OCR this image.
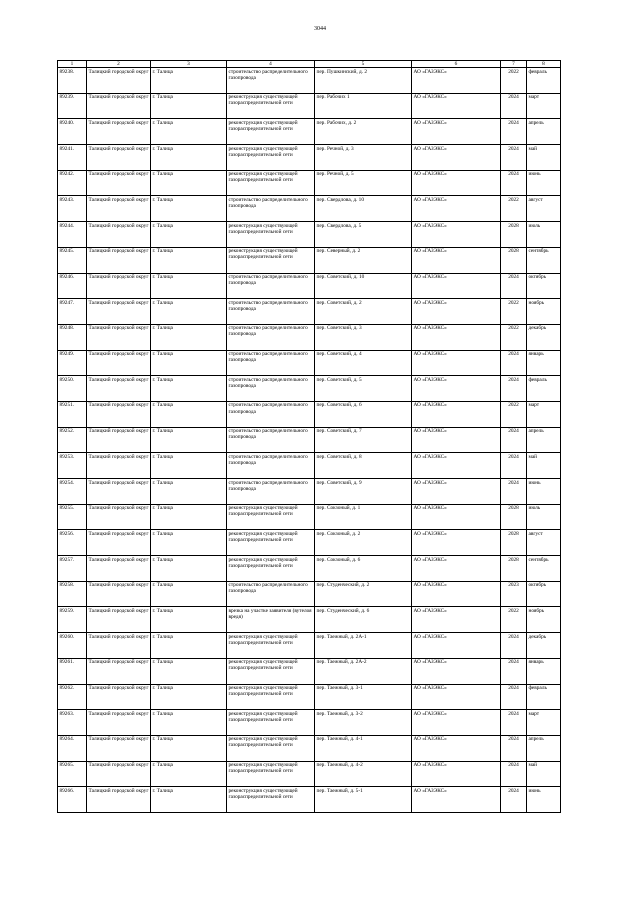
3044
1	2	3	4	5	6	7	8
89238.	Талицкий городской округ	г. Талица	строительство распределительного газопровода	пер. Пушкинский, д. 2	АО «ГАЗЭКС»	2022	февраль
89239.	Талицкий городской округ	г. Талица	реконструкция существующей газораспределительной сети	пер. Рабочих 1	АО «ГАЗЭКС»	2024	март
89240.	Талицкий городской округ	г. Талица	реконструкция существующей газораспределительной сети	пер. Рабочих, д. 2	АО «ГАЗЭКС»	2024	апрель
89241.	Талицкий городской округ	г. Талица	реконструкция существующей газораспределительной сети	пер. Речной, д. 3	АО «ГАЗЭКС»	2024	май
89242.	Талицкий городской округ	г. Талица	реконструкция существующей газораспределительной сети	пер. Речной, д. 5	АО «ГАЗЭКС»	2024	июнь
89243.	Талицкий городской округ	г. Талица	строительство распределительного газопровода	пер. Свердлова, д. 10	АО «ГАЗЭКС»	2022	август
89244.	Талицкий городской округ	г. Талица	реконструкция существующей газораспределительной сети	пер. Свердлова, д. 5	АО «ГАЗЭКС»	2028	июль
89245.	Талицкий городской округ	г. Талица	реконструкция существующей газораспределительной сети	пер. Северный, д. 2	АО «ГАЗЭКС»	2028	сентябрь
89246.	Талицкий городской округ	г. Талица	строительство распределительного газопровода	пер. Советский, д. 10	АО «ГАЗЭКС»	2024	октябрь
89247.	Талицкий городской округ	г. Талица	строительство распределительного газопровода	пер. Советский, д. 2	АО «ГАЗЭКС»	2022	ноябрь
89248.	Талицкий городской округ	г. Талица	строительство распределительного газопровода	пер. Советский, д. 3	АО «ГАЗЭКС»	2022	декабрь
89249.	Талицкий городской округ	г. Талица	строительство распределительного газопровода	пер. Советский, д. 4	АО «ГАЗЭКС»	2024	январь
89250.	Талицкий городской округ	г. Талица	строительство распределительного газопровода	пер. Советский, д. 5	АО «ГАЗЭКС»	2024	февраль
89251.	Талицкий городской округ	г. Талица	строительство распределительного газопровода	пер. Советский, д. 6	АО «ГАЗЭКС»	2022	март
89252.	Талицкий городской округ	г. Талица	строительство распределительного газопровода	пер. Советский, д. 7	АО «ГАЗЭКС»	2024	апрель
89253.	Талицкий городской округ	г. Талица	строительство распределительного газопровода	пер. Советский, д. 8	АО «ГАЗЭКС»	2024	май
89254.	Талицкий городской округ	г. Талица	строительство распределительного газопровода	пер. Советский, д. 9	АО «ГАЗЭКС»	2024	июнь
89255.	Талицкий городской округ	г. Талица	реконструкция существующей газораспределительной сети	пер. Сокзоный, д. 1	АО «ГАЗЭКС»	2028	июль
89256.	Талицкий городской округ	г. Талица	реконструкция существующей газораспределительной сети	пер. Сокзоный, д. 2	АО «ГАЗЭКС»	2028	август
89257.	Талицкий городской округ	г. Талица	реконструкция существующей газораспределительной сети	пер. Сокзоный, д. 6	АО «ГАЗЭКС»	2028	сентябрь
89258.	Талицкий городской округ	г. Талица	строительство распределительного газопровода	пер. Студенческий, д. 2	АО «ГАЗЭКС»	2023	октябрь
89259.	Талицкий городской округ	г. Талица	врезка на участке заявителя (вутелоя вредя)	пер. Студенческий, д. 6	АО «ГАЗЭКС»	2022	ноябрь
89260.	Талицкий городской округ	г. Талица	реконструкция существующей газораспределительной сети	пер. Таежный, д. 2А-1	АО «ГАЗЭКС»	2024	декабрь
89261.	Талицкий городской округ	г. Талица	реконструкция существующей газораспределительной сети	пер. Таежный, д. 2А-2	АО «ГАЗЭКС»	2024	январь
89262.	Талицкий городской округ	г. Талица	реконструкция существующей газораспределительной сети	пер. Таежный, д. 3-1	АО «ГАЗЭКС»	2024	февраль
89263.	Талицкий городской округ	г. Талица	реконструкция существующей газораспределительной сети	пер. Таежный, д. 3-2	АО «ГАЗЭКС»	2024	март
89264.	Талицкий городской округ	г. Талица	реконструкция существующей газораспределительной сети	пер. Таежный, д. 4-1	АО «ГАЗЭКС»	2024	апрель
89265.	Талицкий городской округ	г. Талица	реконструкция существующей газораспределительной сети	пер. Таежный, д. 4-2	АО «ГАЗЭКС»	2024	май
89266.	Талицкий городской округ	г. Талица	реконструкция существующей газораспределительной сети	пер. Таежный, д. 5-1	АО «ГАЗЭКС»	2024	июнь
